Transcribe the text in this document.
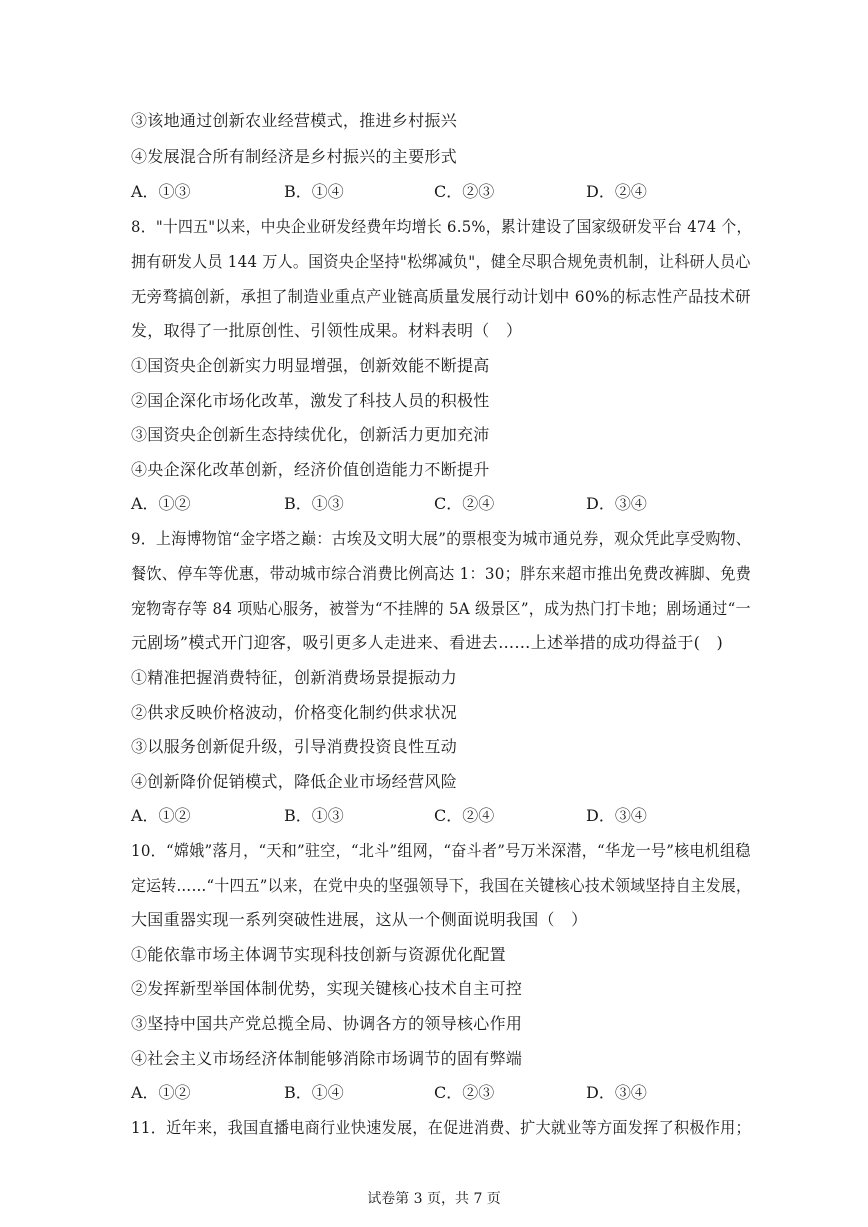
③该地通过创新农业经营模式，推进乡村振兴
④发展混合所有制经济是乡村振兴的主要形式
A．①③	B．①④	C．②③	D．②④
8．"十四五"以来，中央企业研发经费年均增长 6.5%，累计建设了国家级研发平台 474 个，
拥有研发人员 144 万人。国资央企坚持"松绑减负"，健全尽职合规免责机制，让科研人员心
无旁骛搞创新，承担了制造业重点产业链高质量发展行动计划中 60%的标志性产品技术研
发，取得了一批原创性、引领性成果。材料表明（　）
①国资央企创新实力明显增强，创新效能不断提高
②国企深化市场化改革，激发了科技人员的积极性
③国资央企创新生态持续优化，创新活力更加充沛
④央企深化改革创新，经济价值创造能力不断提升
A．①②	B．①③	C．②④	D．③④
9．上海博物馆“金字塔之巅：古埃及文明大展”的票根变为城市通兑券，观众凭此享受购物、
餐饮、停车等优惠，带动城市综合消费比例高达 1：30；胖东来超市推出免费改裤脚、免费
宠物寄存等 84 项贴心服务，被誉为“不挂牌的 5A 级景区”，成为热门打卡地；剧场通过“一
元剧场”模式开门迎客，吸引更多人走进来、看进去……上述举措的成功得益于(　)
①精准把握消费特征，创新消费场景提振动力
②供求反映价格波动，价格变化制约供求状况
③以服务创新促升级，引导消费投资良性互动
④创新降价促销模式，降低企业市场经营风险
A．①②	B．①③	C．②④	D．③④
10．“嫦娥”落月，“天和”驻空，“北斗”组网，“奋斗者”号万米深潜，“华龙一号”核电机组稳
定运转……“十四五”以来，在党中央的坚强领导下，我国在关键核心技术领域坚持自主发展，
大国重器实现一系列突破性进展，这从一个侧面说明我国（　）
①能依靠市场主体调节实现科技创新与资源优化配置
②发挥新型举国体制优势，实现关键核心技术自主可控
③坚持中国共产党总揽全局、协调各方的领导核心作用
④社会主义市场经济体制能够消除市场调节的固有弊端
A．①②	B．①④	C．②③	D．③④
11．近年来，我国直播电商行业快速发展，在促进消费、扩大就业等方面发挥了积极作用；
试卷第 3 页，共 7 页
